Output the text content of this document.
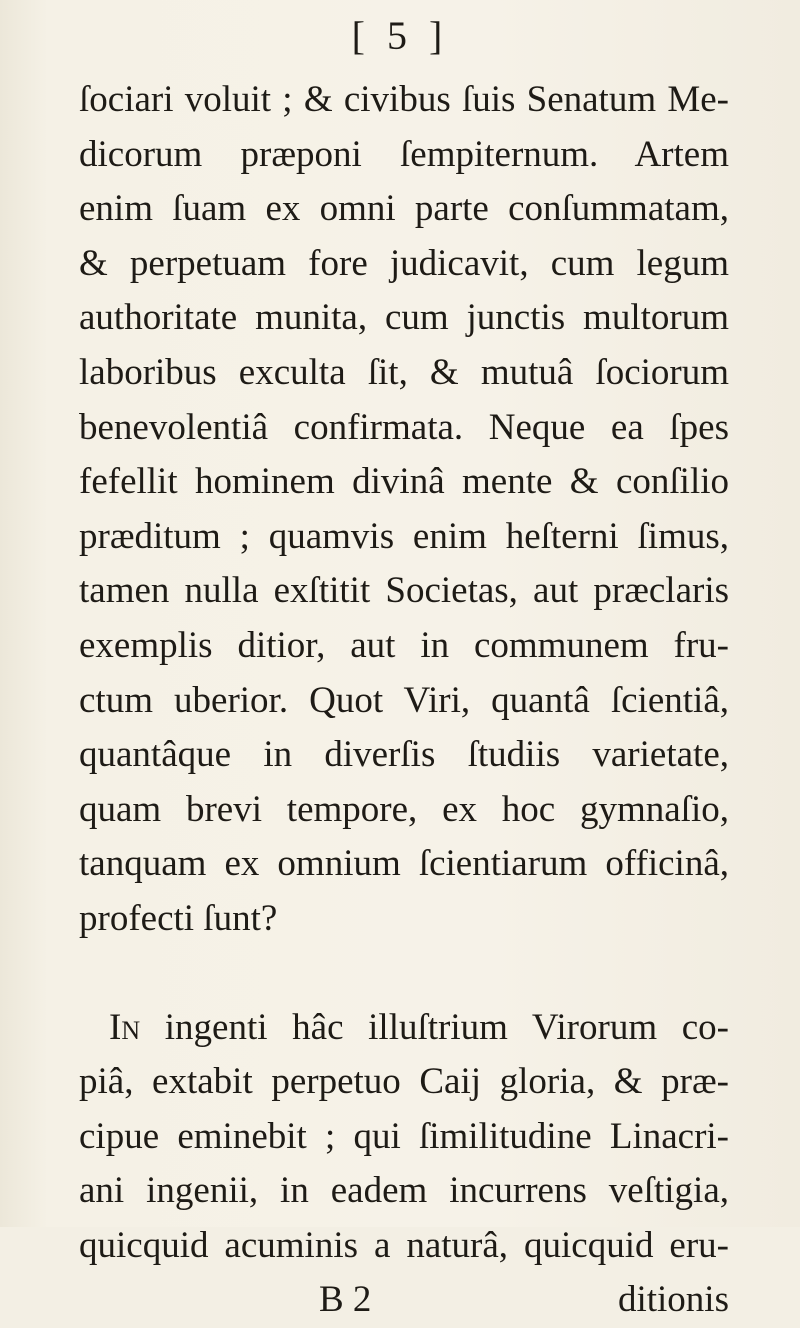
[ 5 ]
ſociari voluit ; & civibus ſuis Senatum Me-
dicorum præponi ſempiternum. Artem
enim ſuam ex omni parte conſummatam,
& perpetuam fore judicavit, cum legum
authoritate munita, cum junctis multorum
laboribus exculta ſit, & mutuâ ſociorum
benevolentiâ confirmata. Neque ea ſpes
fefellit hominem divinâ mente & conſilio
præditum ; quamvis enim heſterni ſimus,
tamen nulla exſtitit Societas, aut præclaris
exemplis ditior, aut in communem fru-
ctum uberior. Quot Viri, quantâ ſcientiâ,
quantâque in diverſis ſtudiis varietate,
quam brevi tempore, ex hoc gymnaſio,
tanquam ex omnium ſcientiarum officinâ,
profecti ſunt?
In ingenti hâc illuſtrium Virorum co-
piâ, extabit perpetuo Caij gloria, & præ-
cipue eminebit ; qui ſimilitudine Linacri-
ani ingenii, in eadem incurrens veſtigia,
quicquid acuminis a naturâ, quicquid eru-
B 2	ditionis
